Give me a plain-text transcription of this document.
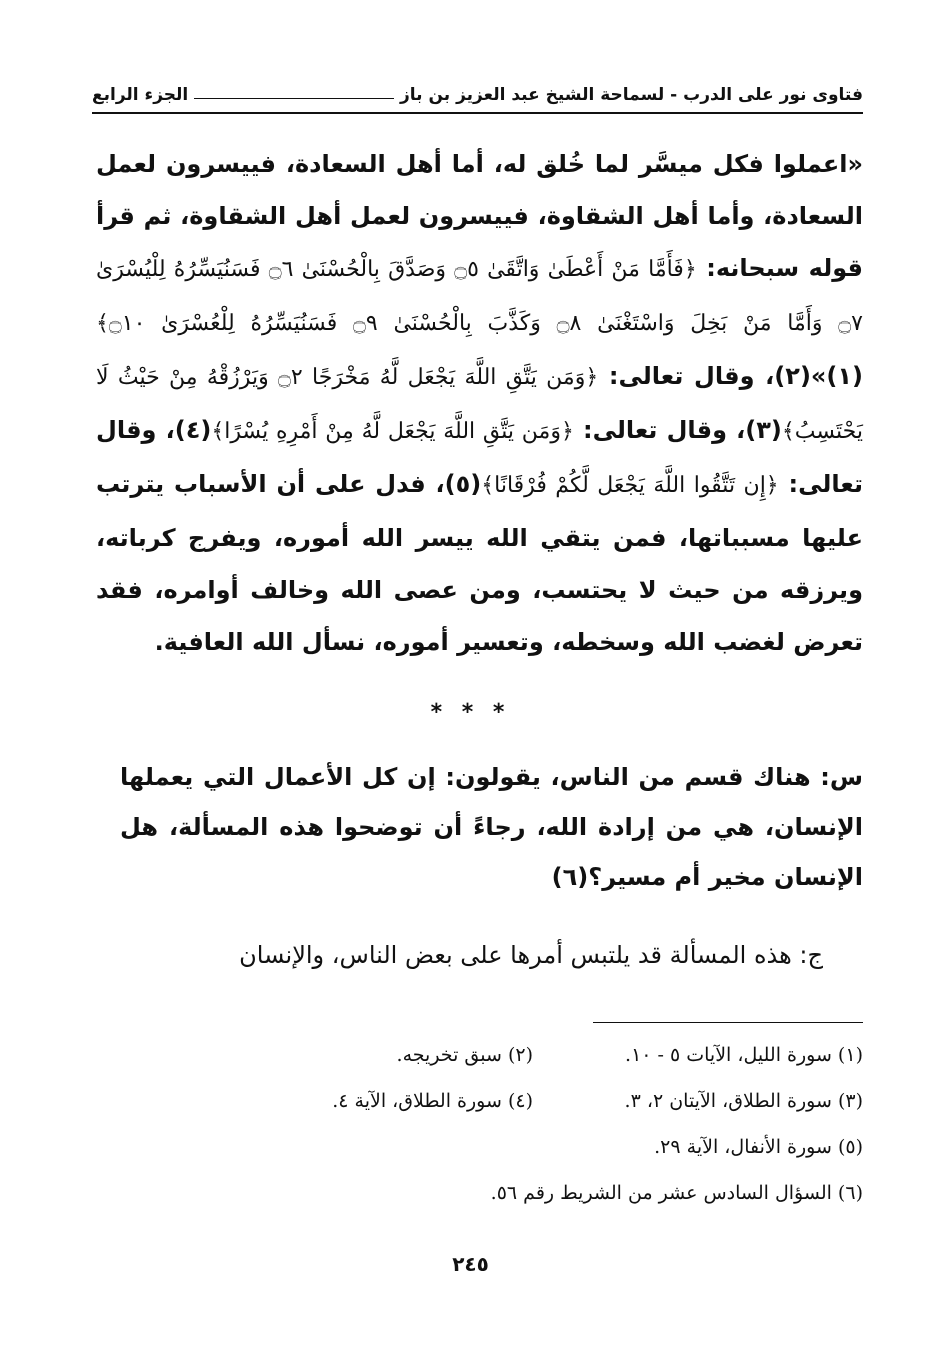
فتاوى نور على الدرب - لسماحة الشيخ عبد العزيز بن باز
الجزء الرابع

«اعملوا فكل ميسَّر لما خُلق له، أما أهل السعادة، فييسرون لعمل السعادة، وأما أهل الشقاوة، فييسرون لعمل أهل الشقاوة، ثم قرأ قوله سبحانه: ﴿فَأَمَّا مَنْ أَعْطَىٰ وَاتَّقَىٰ ۝٥ وَصَدَّقَ بِالْحُسْنَىٰ ۝٦ فَسَنُيَسِّرُهُ لِلْيُسْرَىٰ ۝٧ وَأَمَّا مَنْ بَخِلَ وَاسْتَغْنَىٰ ۝٨ وَكَذَّبَ بِالْحُسْنَىٰ ۝٩ فَسَنُيَسِّرُهُ لِلْعُسْرَىٰ ۝١٠﴾(١)»(٢)، وقال تعالى: ﴿وَمَن يَتَّقِ اللَّهَ يَجْعَل لَّهُ مَخْرَجًا ۝٢ وَيَرْزُقْهُ مِنْ حَيْثُ لَا يَحْتَسِبُ﴾(٣)، وقال تعالى: ﴿وَمَن يَتَّقِ اللَّهَ يَجْعَل لَّهُ مِنْ أَمْرِهِ يُسْرًا﴾(٤)، وقال تعالى: ﴿إِن تَتَّقُوا اللَّهَ يَجْعَل لَّكُمْ فُرْقَانًا﴾(٥)، فدل على أن الأسباب يترتب عليها مسبباتها، فمن يتقي الله ييسر الله أموره، ويفرج كرباته، ويرزقه من حيث لا يحتسب، ومن عصى الله وخالف أوامره، فقد تعرض لغضب الله وسخطه، وتعسير أموره، نسأل الله العافية.

* * *
س: هناك قسم من الناس، يقولون: إن كل الأعمال التي يعملها الإنسان، هي من إرادة الله، رجاءً أن توضحوا هذه المسألة، هل الإنسان مخير أم مسير؟(٦)
ج: هذه المسألة قد يلتبس أمرها على بعض الناس، والإنسان
(١) سورة الليل، الآيات ٥ - ١٠.
(٢) سبق تخريجه.
(٣) سورة الطلاق، الآيتان ٢، ٣.
(٤) سورة الطلاق، الآية ٤.
(٥) سورة الأنفال، الآية ٢٩.
(٦) السؤال السادس عشر من الشريط رقم ٥٦.
٢٤٥
